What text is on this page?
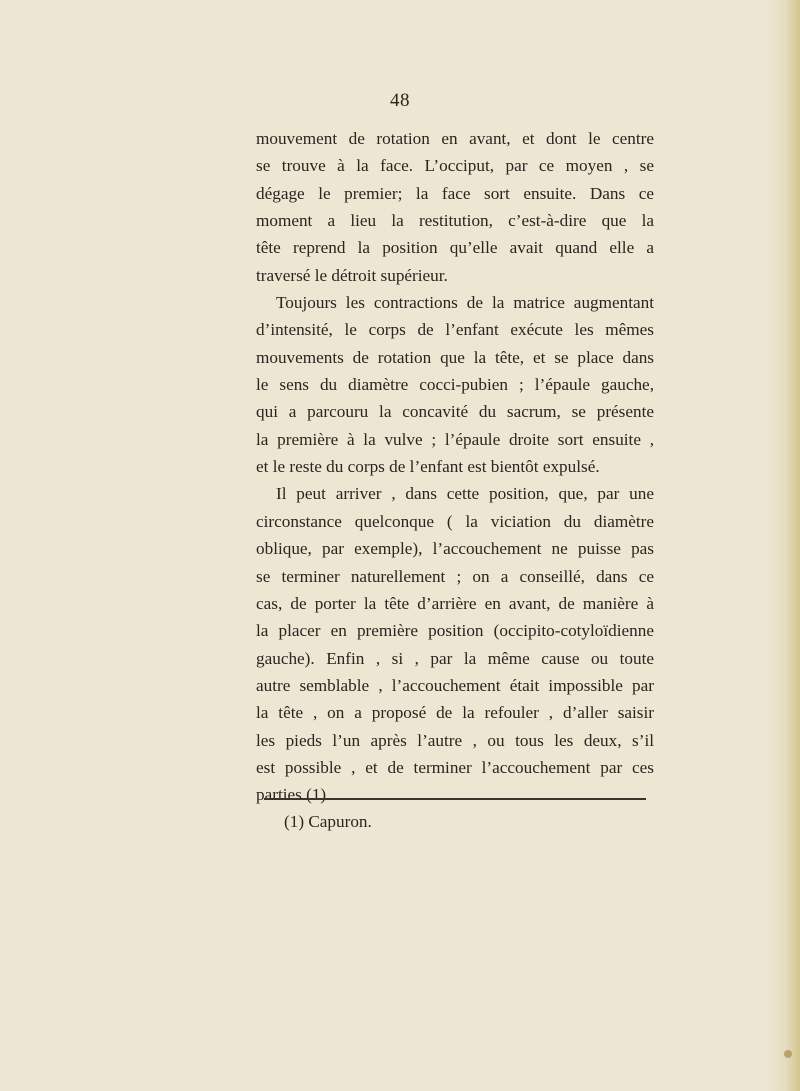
48
mouvement de rotation en avant, et dont le centre
se trouve à la face. L’occiput, par ce moyen , se
dégage le premier; la face sort ensuite. Dans ce
moment a lieu la restitution, c’est-à-dire que la
tête reprend la position qu’elle avait quand elle a
traversé le détroit supérieur.
Toujours les contractions de la matrice augmentant
d’intensité, le corps de l’enfant exécute les mêmes
mouvements de rotation que la tête, et se place dans
le sens du diamètre cocci-pubien ; l’épaule gauche,
qui a parcouru la concavité du sacrum, se présente
la première à la vulve ; l’épaule droite sort ensuite ,
et le reste du corps de l’enfant est bientôt expulsé.
Il peut arriver , dans cette position, que, par une
circonstance quelconque ( la viciation du diamètre
oblique, par exemple), l’accouchement ne puisse pas
se terminer naturellement ; on a conseillé, dans ce
cas, de porter la tête d’arrière en avant, de manière à
la placer en première position (occipito-cotyloïdienne
gauche). Enfin , si , par la même cause ou toute
autre semblable , l’accouchement était impossible par
la tête , on a proposé de la refouler , d’aller saisir
les pieds l’un après l’autre , ou tous les deux, s’il
est possible , et de terminer l’accouchement par ces
parties (1).
(1) Capuron.
